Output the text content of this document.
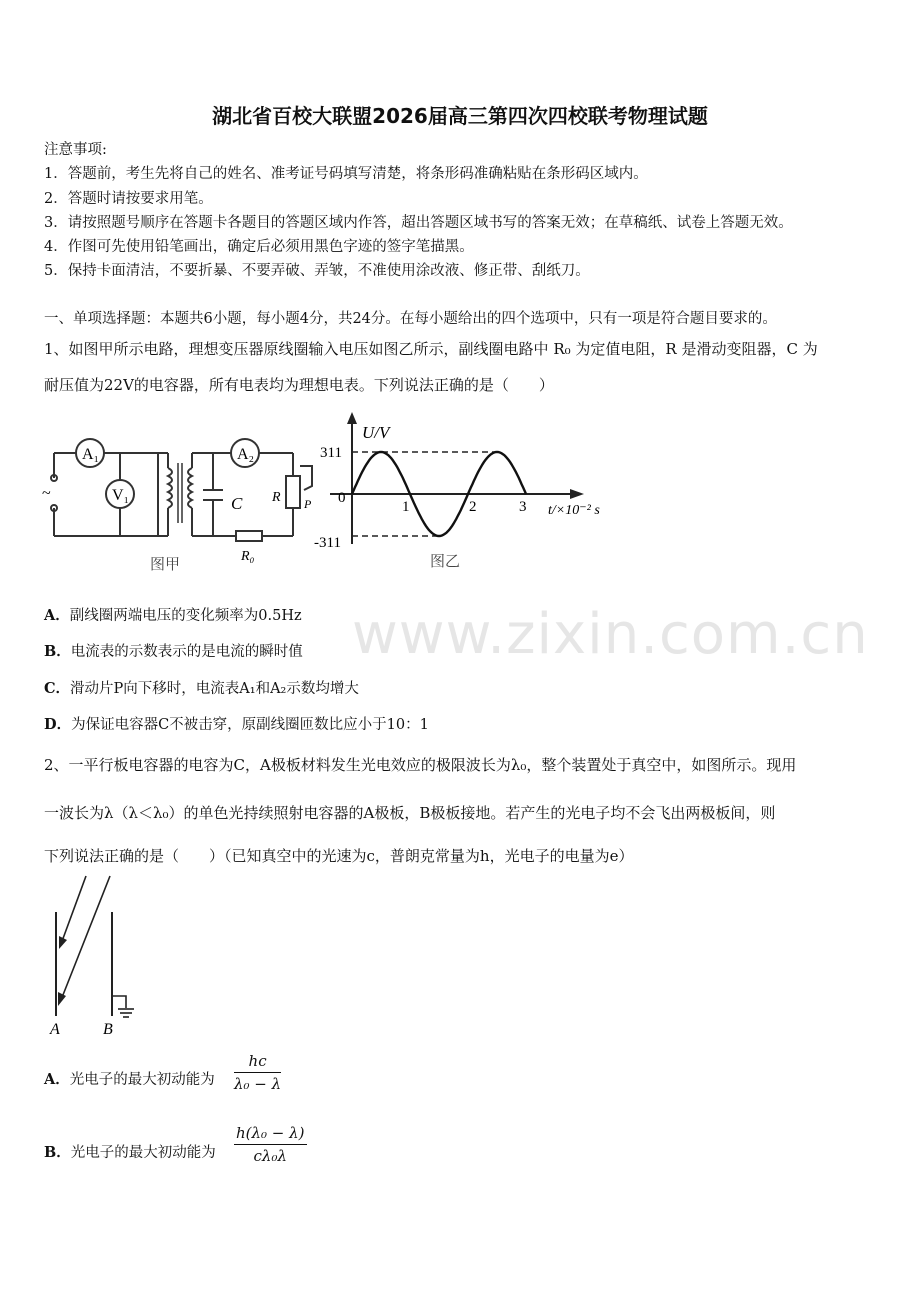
湖北省百校大联盟2026届高三第四次四校联考物理试题
注意事项:
1．答题前，考生先将自己的姓名、准考证号码填写清楚，将条形码准确粘贴在条形码区域内。
2．答题时请按要求用笔。
3．请按照题号顺序在答题卡各题目的答题区域内作答，超出答题区域书写的答案无效；在草稿纸、试卷上答题无效。
4．作图可先使用铅笔画出，确定后必须用黑色字迹的签字笔描黑。
5．保持卡面清洁，不要折暴、不要弄破、弄皱，不准使用涂改液、修正带、刮纸刀。
一、单项选择题：本题共6小题，每小题4分，共24分。在每小题给出的四个选项中，只有一项是符合题目要求的。
1、如图甲所示电路，理想变压器原线圈输入电压如图乙所示，副线圈电路中 R₀ 为定值电阻，R 是滑动变阻器，C 为
耐压值为22V的电容器，所有电表均为理想电表。下列说法正确的是（　　）
A₁
V₁
A₂
C R P
R₀
~
图甲
U/V
311
0
-311
1	2	3 t/×10⁻² s
图乙
www.zixin.com.cn
A．副线圈两端电压的变化频率为0.5Hz
B．电流表的示数表示的是电流的瞬时值
C．滑动片P向下移时，电流表A₁和A₂示数均增大
D．为保证电容器C不被击穿，原副线圈匝数比应小于10：1
2、一平行板电容器的电容为C，A极板材料发生光电效应的极限波长为λ₀，整个装置处于真空中，如图所示。现用
一波长为λ（λ＜λ₀）的单色光持续照射电容器的A极板，B极板接地。若产生的光电子均不会飞出两极板间，则
下列说法正确的是（　　）（已知真空中的光速为c，普朗克常量为h，光电子的电量为e）
A	B
A．光电子的最大初动能为 $\frac{hc}{\text{λ₀ − λ}}$
B．光电子的最大初动能为 $\frac{\text{h(λ₀ − λ)}}{\text{cλ₀λ}}$
